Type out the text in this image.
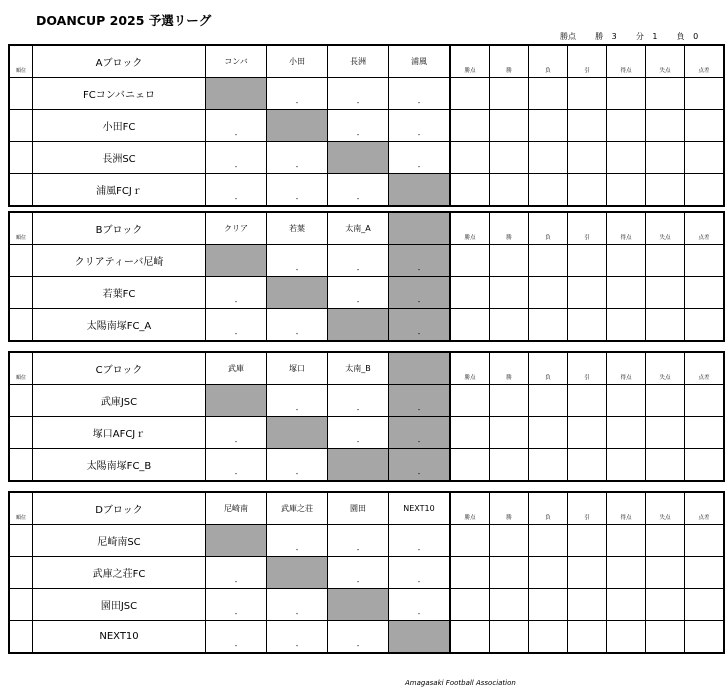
DOANCUP 2025 予選リーグ
勝点 勝 3 分 1 負 0
順位	Aブロック	コンバ	小田	長洲	浦風	勝点	勝	負	引	得点	失点	点差
	FCコンバニェロ		-	-	-							

	小田FC	-		-	-							

	長洲SC	-	-		-							

	浦風FCJｒ	-	-	-								

順位	Bブロック	クリア	若葉	太南_A		勝点	勝	負	引	得点	失点	点差
	クリアティーバ尼崎		-	-	-							

	若葉FC	-		-	-							

	太陽南塚FC_A	-	-		-							

順位	Cブロック	武庫	塚口	太南_B		勝点	勝	負	引	得点	失点	点差
	武庫JSC		-	-	-							

	塚口AFCJｒ	-		-	-							

	太陽南塚FC_B	-	-		-							

順位	Dブロック	尼崎南	武庫之荘	園田	NEXT10	勝点	勝	負	引	得点	失点	点差
	尼崎南SC		-	-	-							

	武庫之荘FC	-		-	-							

	園田JSC	-	-		-							

	NEXT10	-	-	-								

Amagasaki Football Association
